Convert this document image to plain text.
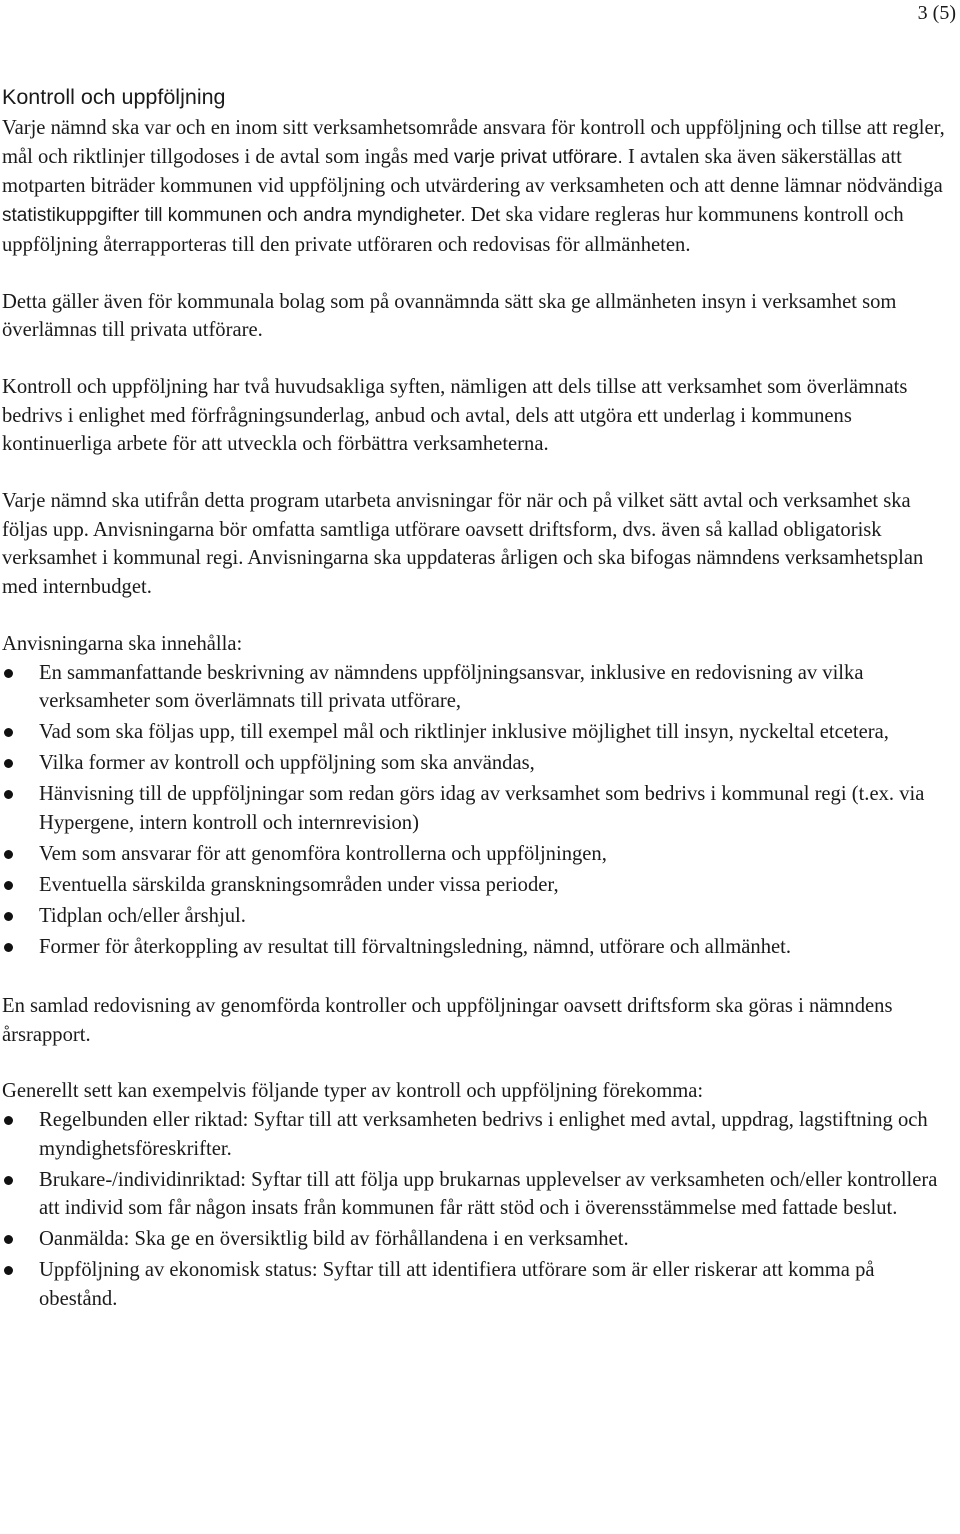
3 (5)
Kontroll och uppföljning

Varje nämnd ska var och en inom sitt verksamhetsområde ansvara för kontroll och uppföljning och tillse att regler, mål och riktlinjer tillgodoses i de avtal som ingås med varje privat utförare. I avtalen ska även säkerställas att motparten biträder kommunen vid uppföljning och utvärdering av verksamheten och att denne lämnar nödvändiga statistikuppgifter till kommunen och andra myndigheter. Det ska vidare regleras hur kommunens kontroll och uppföljning återrapporteras till den private utföraren och redovisas för allmänheten.

Detta gäller även för kommunala bolag som på ovannämnda sätt ska ge allmänheten insyn i verksamhet som överlämnas till privata utförare.

Kontroll och uppföljning har två huvudsakliga syften, nämligen att dels tillse att verksamhet som överlämnats bedrivs i enlighet med förfrågningsunderlag, anbud och avtal, dels att utgöra ett underlag i kommunens kontinuerliga arbete för att utveckla och förbättra verksamheterna.

Varje nämnd ska utifrån detta program utarbeta anvisningar för när och på vilket sätt avtal och verksamhet ska följas upp. Anvisningarna bör omfatta samtliga utförare oavsett driftsform, dvs. även så kallad obligatorisk verksamhet i kommunal regi. Anvisningarna ska uppdateras årligen och ska bifogas nämndens verksamhetsplan med internbudget.

Anvisningarna ska innehålla:

En sammanfattande beskrivning av nämndens uppföljningsansvar, inklusive en redovisning av vilka verksamheter som överlämnats till privata utförare,
Vad som ska följas upp, till exempel mål och riktlinjer inklusive möjlighet till insyn, nyckeltal etcetera,
Vilka former av kontroll och uppföljning som ska användas,
Hänvisning till de uppföljningar som redan görs idag av verksamhet som bedrivs i kommunal regi (t.ex. via Hypergene, intern kontroll och internrevision)
Vem som ansvarar för att genomföra kontrollerna och uppföljningen,
Eventuella särskilda granskningsområden under vissa perioder,
Tidplan och/eller årshjul.
Former för återkoppling av resultat till förvaltningsledning, nämnd, utförare och allmänhet.

En samlad redovisning av genomförda kontroller och uppföljningar oavsett driftsform ska göras i nämndens årsrapport.

Generellt sett kan exempelvis följande typer av kontroll och uppföljning förekomma:

Regelbunden eller riktad: Syftar till att verksamheten bedrivs i enlighet med avtal, uppdrag, lagstiftning och myndighetsföreskrifter.
Brukare-/individinriktad: Syftar till att följa upp brukarnas upplevelser av verksamheten och/eller kontrollera att individ som får någon insats från kommunen får rätt stöd och i överensstämmelse med fattade beslut.
Oanmälda: Ska ge en översiktlig bild av förhållandena i en verksamhet.
Uppföljning av ekonomisk status: Syftar till att identifiera utförare som är eller riskerar att komma på obestånd.
